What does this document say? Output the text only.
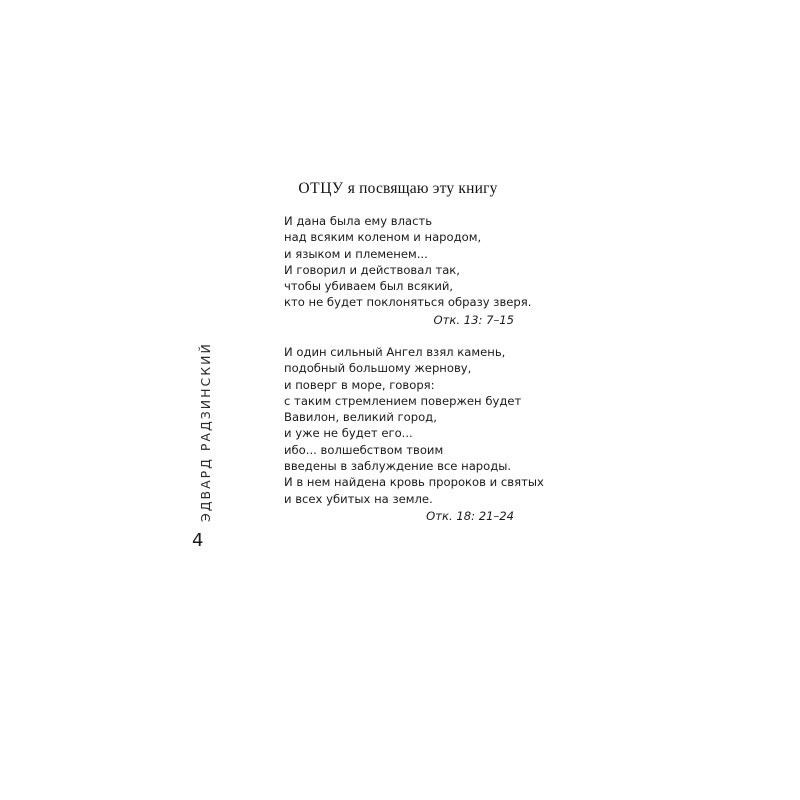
ОТЦУ я посвящаю эту книгу
И дана была ему власть
над всяким коленом и народом,
и языком и племенем...
И говорил и действовал так,
чтобы убиваем был всякий,
кто не будет поклоняться образу зверя.
Отк. 13: 7–15
И один сильный Ангел взял камень,
подобный большому жернову,
и поверг в море, говоря:
с таким стремлением повержен будет
Вавилон, великий город,
и уже не будет его...
ибо... волшебством твоим
введены в заблуждение все народы.
И в нем найдена кровь пророков и святых
и всех убитых на земле.
Отк. 18: 21–24
ЭДВАРД РАДЗИНСКИЙ
4
